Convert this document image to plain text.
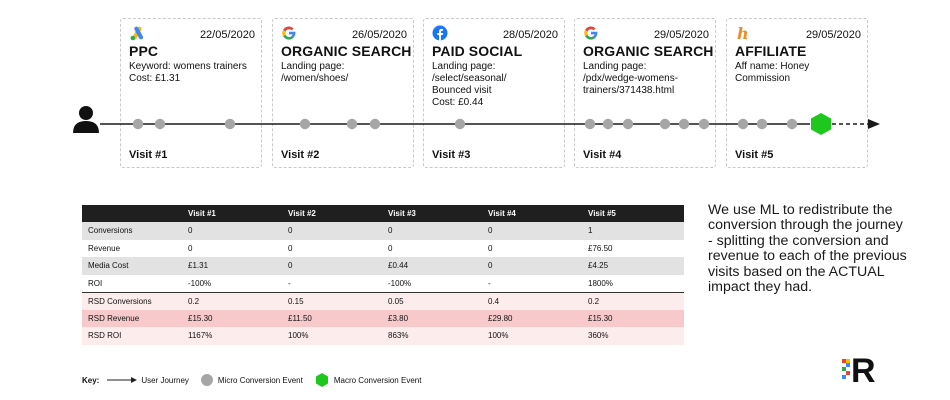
22/05/2020
PPC
Keyword: womens trainers
Cost: £1.31
Visit #1
26/05/2020
ORGANIC SEARCH
Landing page:
/women/shoes/
Visit #2
28/05/2020
PAID SOCIAL
Landing page:
/select/seasonal/
Bounced visit
Cost: £0.44
Visit #3
29/05/2020
ORGANIC SEARCH
Landing page:
/pdx/wedge-womens-
trainers/371438.html
Visit #4
h	29/05/2020
AFFILIATE
Aff name: Honey
Commission
Visit #5
	Visit #1	Visit #2	Visit #3	Visit #4	Visit #5
Conversions	0	0	0	0	1
Revenue	0	0	0	0	£76.50
Media Cost	£1.31	0	£0.44	0	£4.25
ROI	-100%	-	-100%	-	1800%
RSD Conversions	0.2	0.15	0.05	0.4	0.2
RSD Revenue	£15.30	£11.50	£3.80	£29.80	£15.30
RSD ROI	1167%	100%	863%	100%	360%
We use ML to redistribute the conversion through the journey - splitting the conversion and revenue to each of the previous visits based on the ACTUAL impact they had.
R
Key:	User Journey	Micro Conversion Event	Macro Conversion Event
